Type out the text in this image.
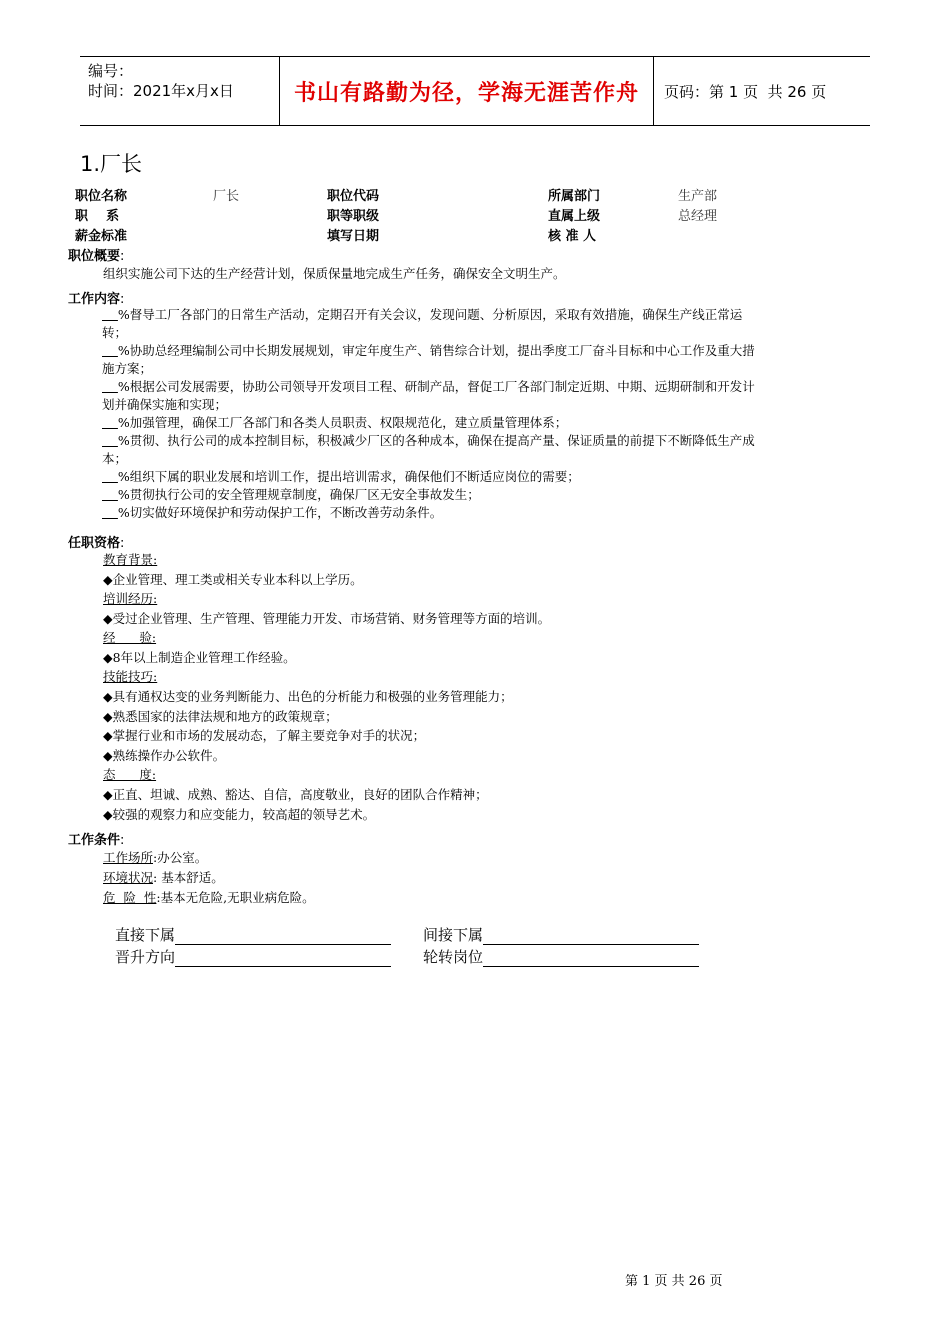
编号：
时间：2021年x月x日	书山有路勤为径，学海无涯苦作舟	页码：第 1 页  共 26 页
1.厂长
职位名称	厂长	职位代码	所属部门	生产部
职    系	职等职级	直属上级	总经理
薪金标准	填写日期	核 准 人
职位概要:
组织实施公司下达的生产经营计划，保质保量地完成生产任务，确保安全文明生产。
工作内容:
%督导工厂各部门的日常生产活动，定期召开有关会议，发现问题、分析原因，采取有效措施，确保生产线正常运转；
%协助总经理编制公司中长期发展规划，审定年度生产、销售综合计划，提出季度工厂奋斗目标和中心工作及重大措施方案；
%根据公司发展需要，协助公司领导开发项目工程、研制产品，督促工厂各部门制定近期、中期、远期研制和开发计划并确保实施和实现；
%加强管理，确保工厂各部门和各类人员职责、权限规范化，建立质量管理体系；
%贯彻、执行公司的成本控制目标，积极减少厂区的各种成本，确保在提高产量、保证质量的前提下不断降低生产成本；
%组织下属的职业发展和培训工作，提出培训需求，确保他们不断适应岗位的需要；
%贯彻执行公司的安全管理规章制度，确保厂区无安全事故发生；
%切实做好环境保护和劳动保护工作，不断改善劳动条件。
任职资格:
教育背景:
◆企业管理、理工类或相关专业本科以上学历。
培训经历:
◆受过企业管理、生产管理、管理能力开发、市场营销、财务管理等方面的培训。
经      验:
◆8年以上制造企业管理工作经验。
技能技巧:
◆具有通权达变的业务判断能力、出色的分析能力和极强的业务管理能力；
◆熟悉国家的法律法规和地方的政策规章；
◆掌握行业和市场的发展动态，了解主要竞争对手的状况；
◆熟练操作办公软件。
态      度:
◆正直、坦诚、成熟、豁达、自信，高度敬业，良好的团队合作精神；
◆较强的观察力和应变能力，较高超的领导艺术。
工作条件:
工作场所:办公室。
环境状况: 基本舒适。
危  险  性:基本无危险,无职业病危险。
直接下属	间接下属
晋升方向	轮转岗位
第 1 页 共 26 页
